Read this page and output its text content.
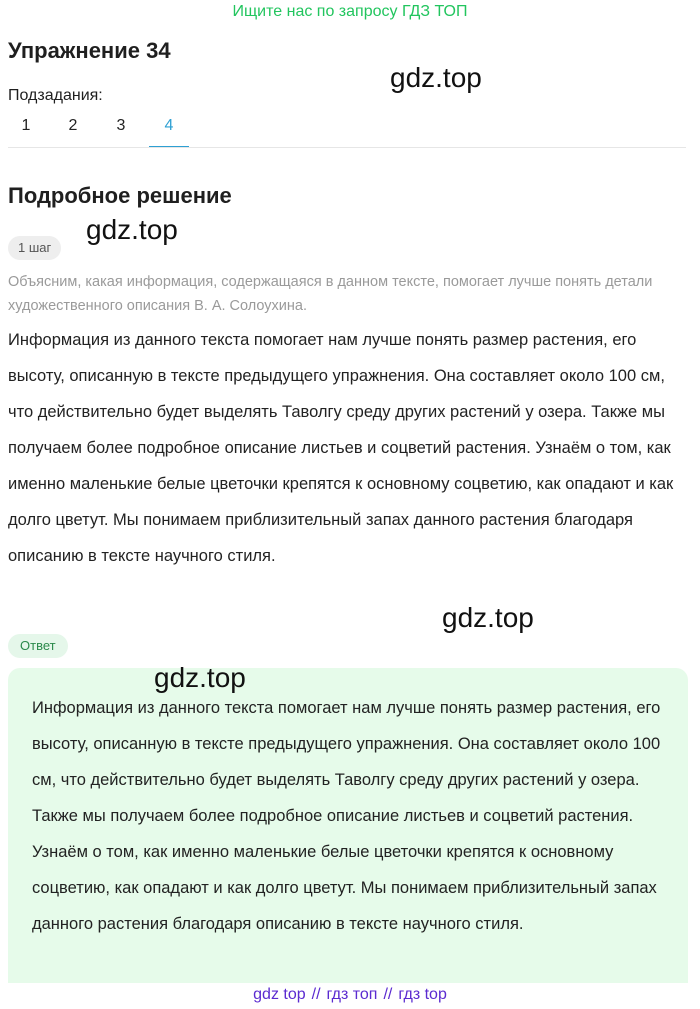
Ищите нас по запросу ГДЗ ТОП
Упражнение 34
gdz.top
Подзадания:
1	2	3	4
Подробное решение
gdz.top
1 шаг
Объясним, какая информация, содержащаяся в данном тексте, помогает лучше понять детали художественного описания В. А. Солоухина.
Информация из данного текста помогает нам лучше понять размер растения, его высоту, описанную в тексте предыдущего упражнения. Она составляет около 100 см, что действительно будет выделять Таволгу среду других растений у озера. Также мы получаем более подробное описание листьев и соцветий растения. Узнаём о том, как именно маленькие белые цветочки крепятся к основному соцветию, как опадают и как долго цветут. Мы понимаем приблизительный запах данного растения благодаря описанию в тексте научного стиля.
gdz.top
Ответ
gdz.top
Информация из данного текста помогает нам лучше понять размер растения, его высоту, описанную в тексте предыдущего упражнения. Она составляет около 100 см, что действительно будет выделять Таволгу среду других растений у озера. Также мы получаем более подробное описание листьев и соцветий растения. Узнаём о том, как именно маленькие белые цветочки крепятся к основному соцветию, как опадают и как долго цветут. Мы понимаем приблизительный запах данного растения благодаря описанию в тексте научного стиля.
gdz top // гдз топ // гдз top
